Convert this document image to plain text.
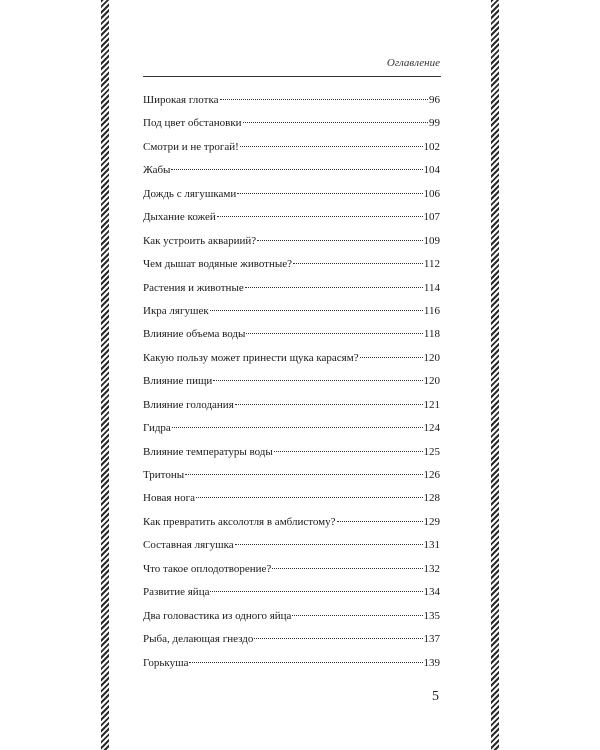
Оглавление
Широкая глотка	96
Под цвет обстановки	99
Смотри и не трогай!	102
Жабы	104
Дождь с лягушками	106
Дыхание кожей	107
Как устроить аквариий?	109
Чем дышат водяные животные?	112
Растения и животные	114
Икра лягушек	116
Влияние объема воды	118
Какую пользу может принести щука карасям?	120
Влияние пищи	120
Влияние голодания	121
Гидра	124
Влияние температуры воды	125
Тритоны	126
Новая нога	128
Как превратить аксолотля в амблистому?	129
Составная лягушка	131
Что такое оплодотворение?	132
Развитие яйца	134
Два головастика из одного яйца	135
Рыба, делающая гнездо	137
Горькуша	139
5
